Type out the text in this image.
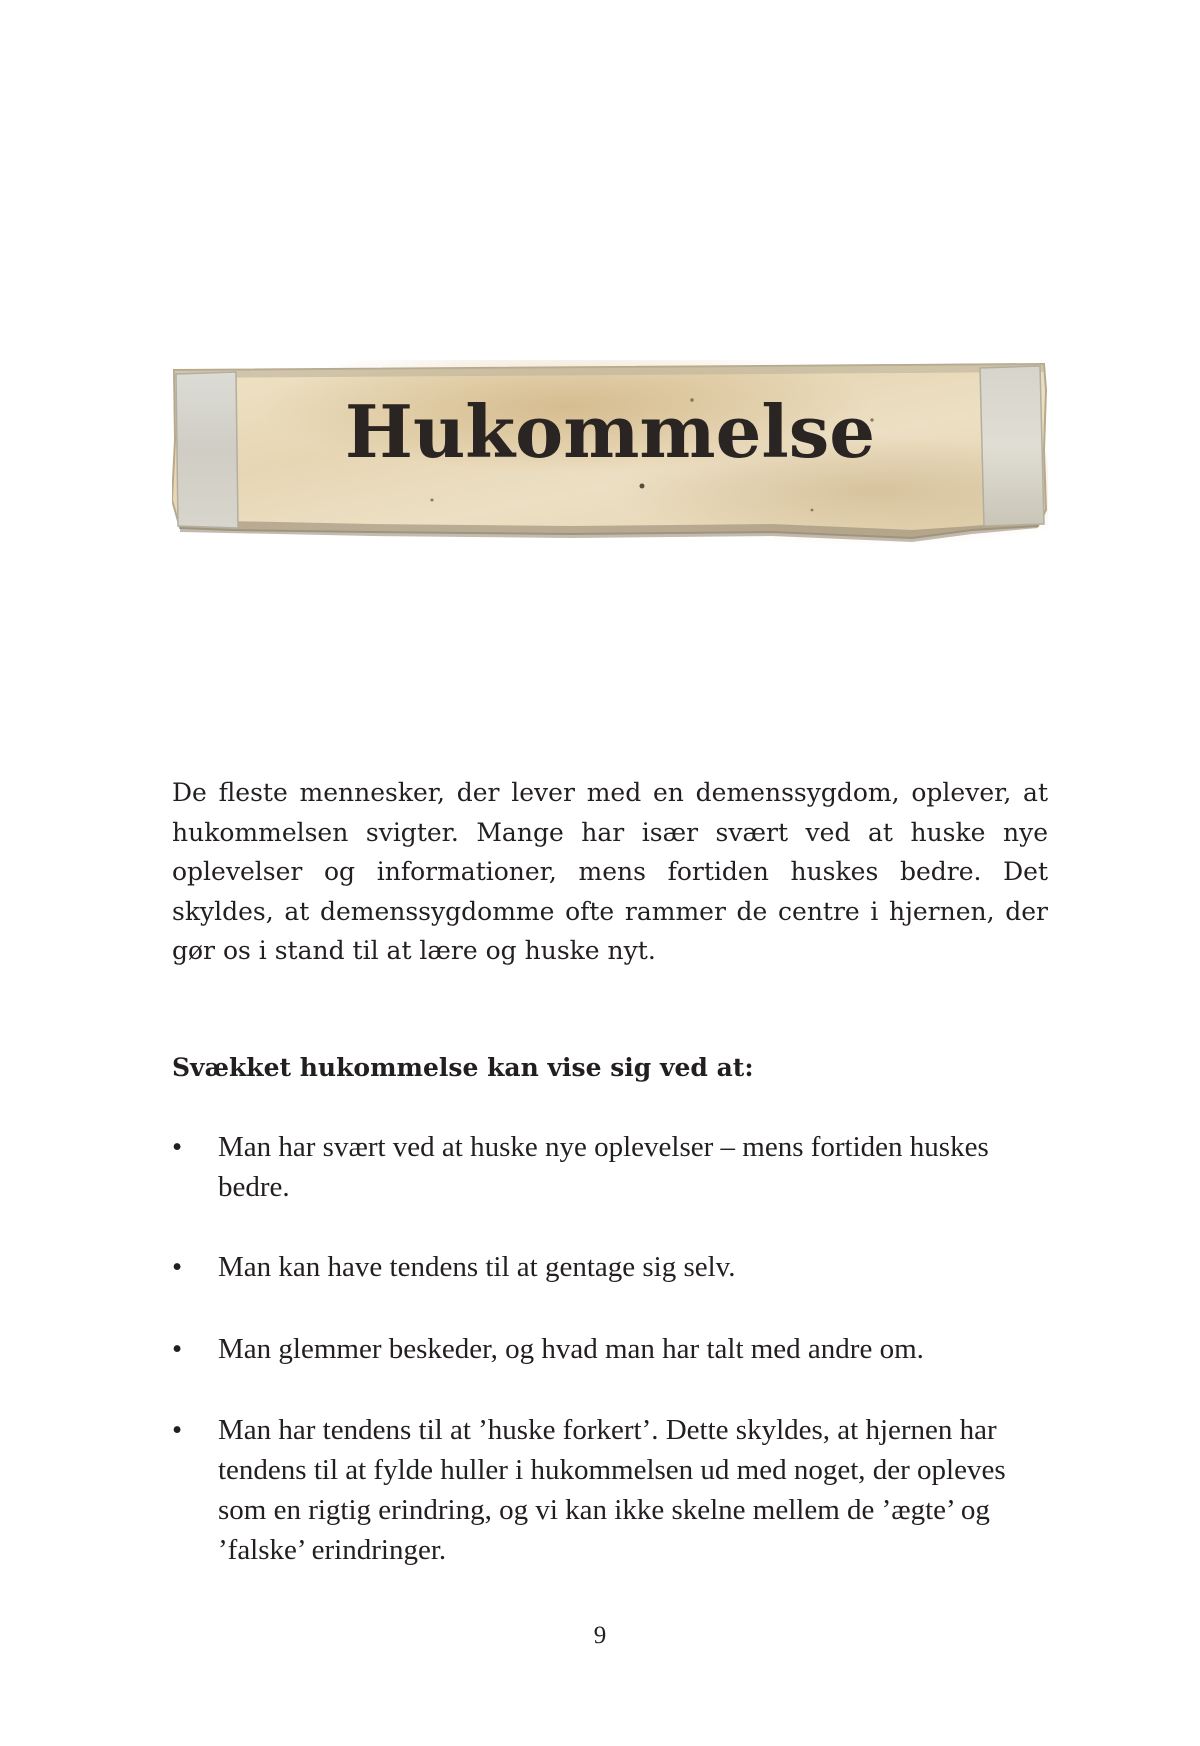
Hukommelse

De fleste mennesker, der lever med en demenssygdom, oplever, at hukommelsen svigter. Mange har især svært ved at huske nye oplevelser og informationer, mens fortiden huskes bedre. Det skyldes, at demenssygdomme ofte rammer de centre i hjernen, der gør os i stand til at lære og huske nyt.

Svækket hukommelse kan vise sig ved at:

• Man har svært ved at huske nye oplevelser – mens fortiden huskes bedre.
• Man kan have tendens til at gentage sig selv.
• Man glemmer beskeder, og hvad man har talt med andre om.
• Man har tendens til at ’huske forkert’. Dette skyldes, at hjernen har tendens til at fylde huller i hukommelsen ud med noget, der opleves som en rigtig erindring, og vi kan ikke skelne mellem de ’ægte’ og ’falske’ erindringer.
9
